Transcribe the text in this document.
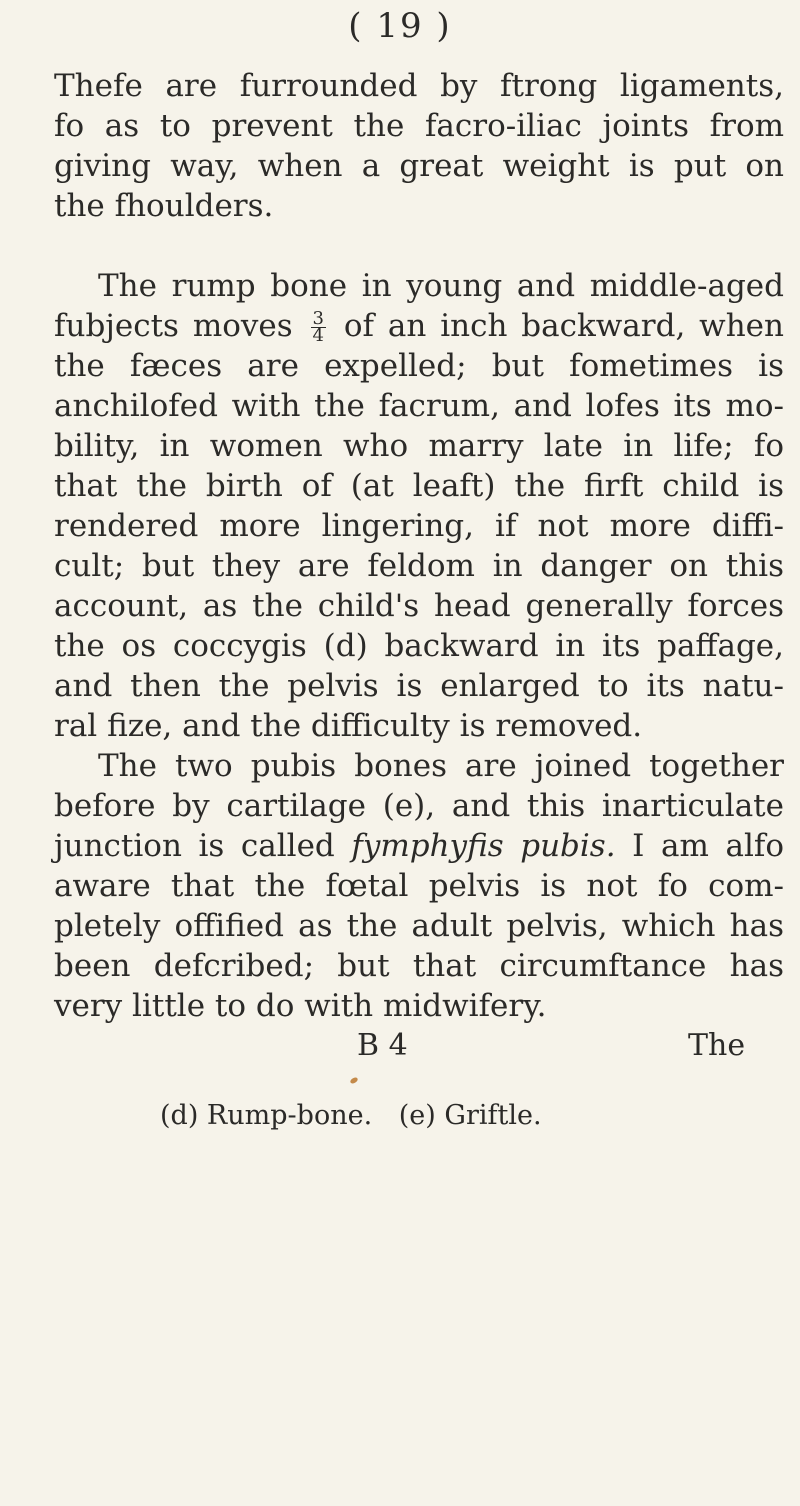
( 19 )
Thefe are furrounded by ftrong ligaments,
fo as to prevent the facro-iliac joints from
giving way, when a great weight is put on
the fhoulders.
The rump bone in young and middle-aged
fubjects moves $\frac{3}{4}$ of an inch backward, when
the fæces are expelled; but fometimes is
anchilofed with the facrum, and lofes its mo-
bility, in women who marry late in life; fo
that the birth of (at leaft) the firft child is
rendered more lingering, if not more diffi-
cult; but they are feldom in danger on this
account, as the child's head generally forces
the os coccygis (d) backward in its paffage,
and then the pelvis is enlarged to its natu-
ral fize, and the difficulty is removed.
The two pubis bones are joined together
before by cartilage (e), and this inarticulate
junction is called fymphyfis pubis. I am alfo
aware that the fœtal pelvis is not fo com-
pletely offified as the adult pelvis, which has
been defcribed; but that circumftance has
very little to do with midwifery.
B 4	The
(d) Rump-bone. (e) Griftle.
